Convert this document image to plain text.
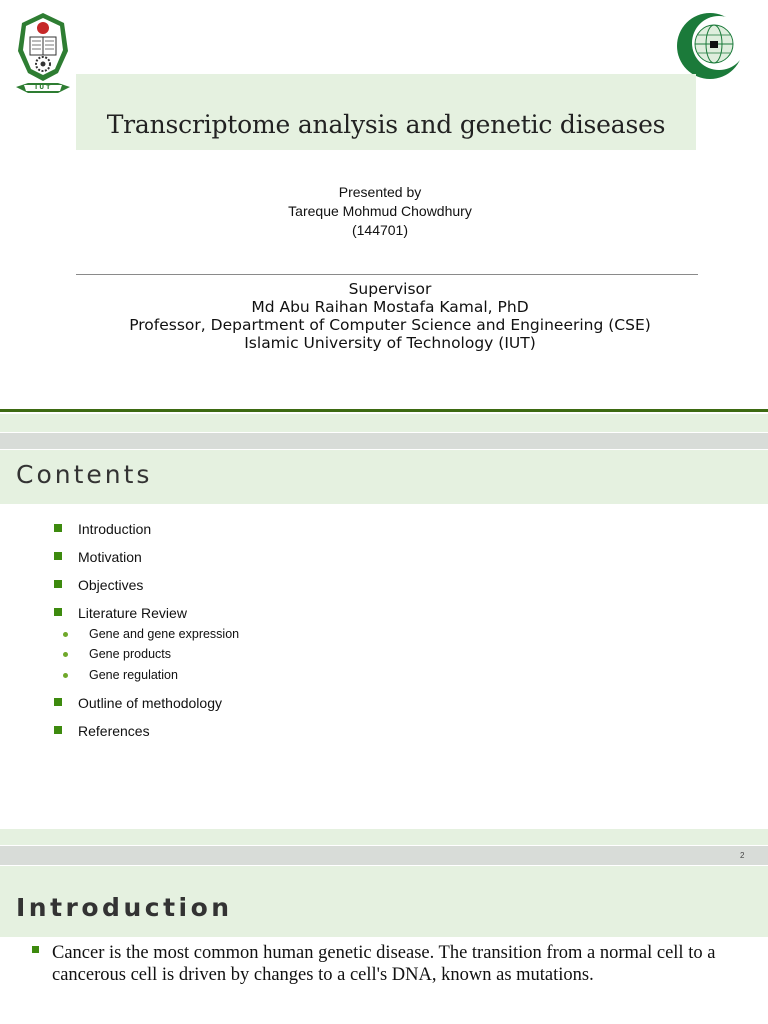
IUT
Transcriptome analysis and genetic diseases
Presented by
Tareque Mohmud Chowdhury
(144701)
Supervisor
Md Abu Raihan Mostafa Kamal, PhD
Professor, Department of Computer Science and Engineering (CSE)
Islamic University of Technology (IUT)
Contents
Introduction
Motivation
Objectives
Literature Review
Gene and gene expression
Gene products
Gene regulation
Outline of methodology
References
2
Introduction
Cancer is the most common human genetic disease. The transition from a normal cell to a cancerous cell is driven by changes to a cell's DNA, known as mutations.
